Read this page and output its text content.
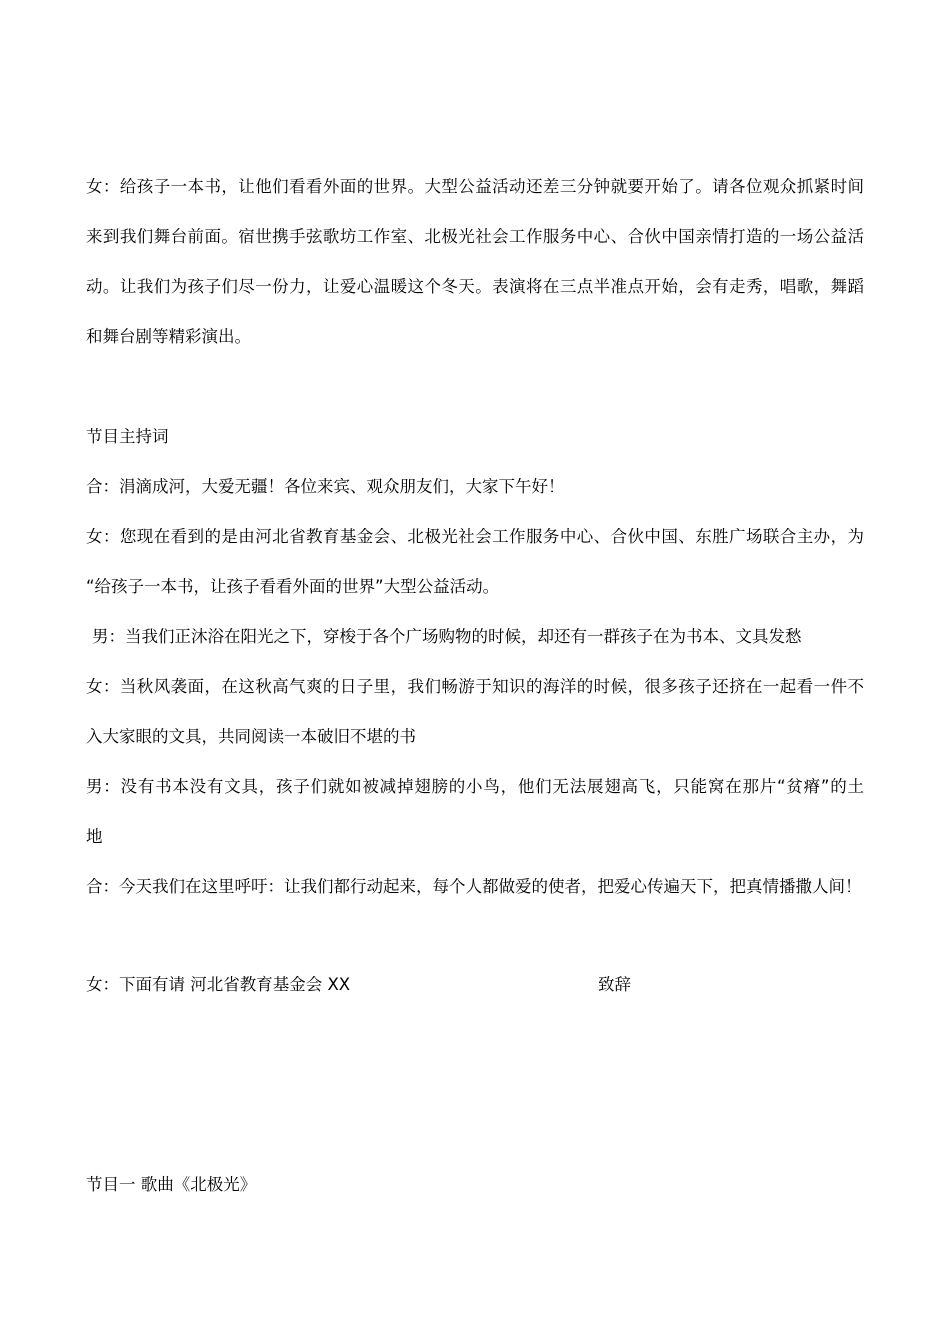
女：给孩子一本书，让他们看看外面的世界。大型公益活动还差三分钟就要开始了。请各位观众抓紧时间

来到我们舞台前面。宿世携手弦歌坊工作室、北极光社会工作服务中心、合伙中国亲情打造的一场公益活

动。让我们为孩子们尽一份力，让爱心温暖这个冬天。表演将在三点半准点开始，会有走秀，唱歌，舞蹈

和舞台剧等精彩演出。

节目主持词

合：涓滴成河，大爱无疆！各位来宾、观众朋友们，大家下午好！

女：您现在看到的是由河北省教育基金会、北极光社会工作服务中心、合伙中国、东胜广场联合主办，为

“给孩子一本书，让孩子看看外面的世界”大型公益活动。

男：当我们正沐浴在阳光之下，穿梭于各个广场购物的时候，却还有一群孩子在为书本、文具发愁

女：当秋风袭面，在这秋高气爽的日子里，我们畅游于知识的海洋的时候，很多孩子还挤在一起看一件不

入大家眼的文具，共同阅读一本破旧不堪的书

男：没有书本没有文具，孩子们就如被减掉翅膀的小鸟，他们无法展翅高飞，只能窝在那片“贫瘠”的土

地

合：今天我们在这里呼吁：让我们都行动起来，每个人都做爱的使者，把爱心传遍天下，把真情播撒人间！

女：下面有请 河北省教育基金会 XX	致辞

节目一 歌曲《北极光》
